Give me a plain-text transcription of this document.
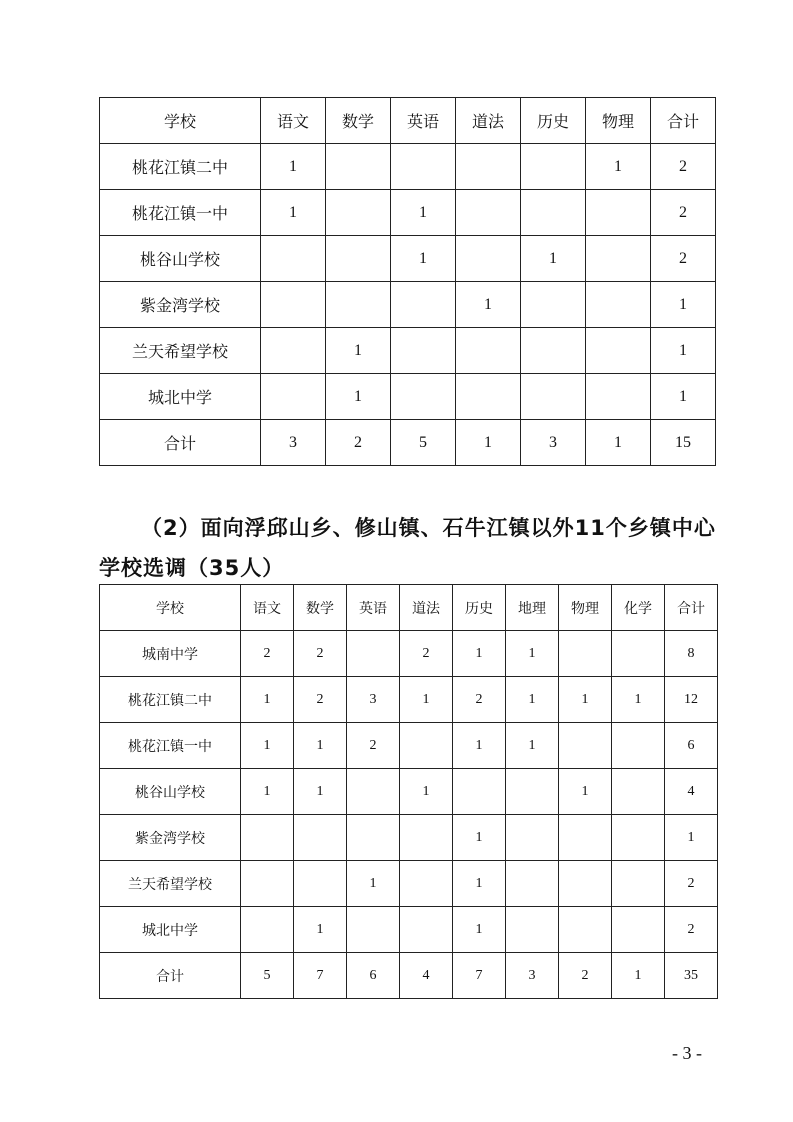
学校	语文	数学	英语	道法	历史	物理	合计
桃花江镇二中	1					1	2
桃花江镇一中	1		1				2
桃谷山学校			1		1		2
紫金湾学校				1			1
兰天希望学校		1					1
城北中学		1					1
合计	3	2	5	1	3	1	15
（2）面向浮邱山乡、修山镇、石牛江镇以外11个乡镇中心学校选调（35人）
学校	语文	数学	英语	道法	历史	地理	物理	化学	合计
城南中学	2	2		2	1	1			8
桃花江镇二中	1	2	3	1	2	1	1	1	12
桃花江镇一中	1	1	2		1	1			6
桃谷山学校	1	1		1			1		4
紫金湾学校					1				1
兰天希望学校			1		1				2
城北中学		1			1				2
合计	5	7	6	4	7	3	2	1	35
- 3 -
